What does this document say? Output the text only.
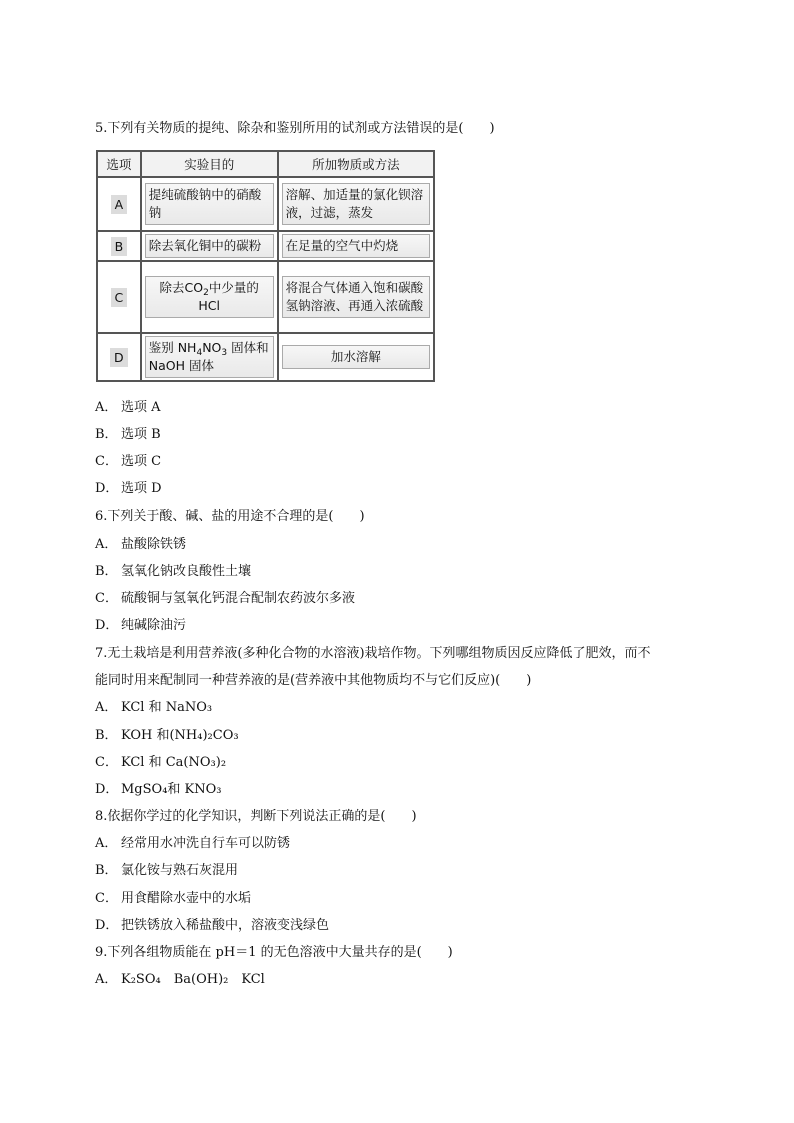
5.下列有关物质的提纯、除杂和鉴别所用的试剂或方法错误的是(　　)
选项	实验目的	所加物质或方法
A	提纯硫酸钠中的硝酸钠	溶解、加适量的氯化钡溶液，过滤，蒸发

B	除去氧化铜中的碳粉	在足量的空气中灼烧

C	除去$CO_2$中少量的 HCl	将混合气体通入饱和碳酸氢钠溶液、再通入浓硫酸

D	鉴别 $NH_4NO_3$ 固体和 NaOH 固体	加水溶解
A． 选项 A
B． 选项 B
C． 选项 C
D． 选项 D
6.下列关于酸、碱、盐的用途不合理的是(　　)
A． 盐酸除铁锈
B． 氢氧化钠改良酸性土壤
C． 硫酸铜与氢氧化钙混合配制农药波尔多液
D． 纯碱除油污
7.无土栽培是利用营养液(多种化合物的水溶液)栽培作物。下列哪组物质因反应降低了肥效，而不
能同时用来配制同一种营养液的是(营养液中其他物质均不与它们反应)(　　)
A． KCl 和 NaNO₃
B． KOH 和(NH₄)₂CO₃
C． KCl 和 Ca(NO₃)₂
D． MgSO₄和 KNO₃
8.依据你学过的化学知识，判断下列说法正确的是(　　)
A． 经常用水冲洗自行车可以防锈
B． 氯化铵与熟石灰混用
C． 用食醋除水壶中的水垢
D． 把铁锈放入稀盐酸中，溶液变浅绿色
9.下列各组物质能在 pH＝1 的无色溶液中大量共存的是(　　)
A． K₂SO₄　Ba(OH)₂　KCl
